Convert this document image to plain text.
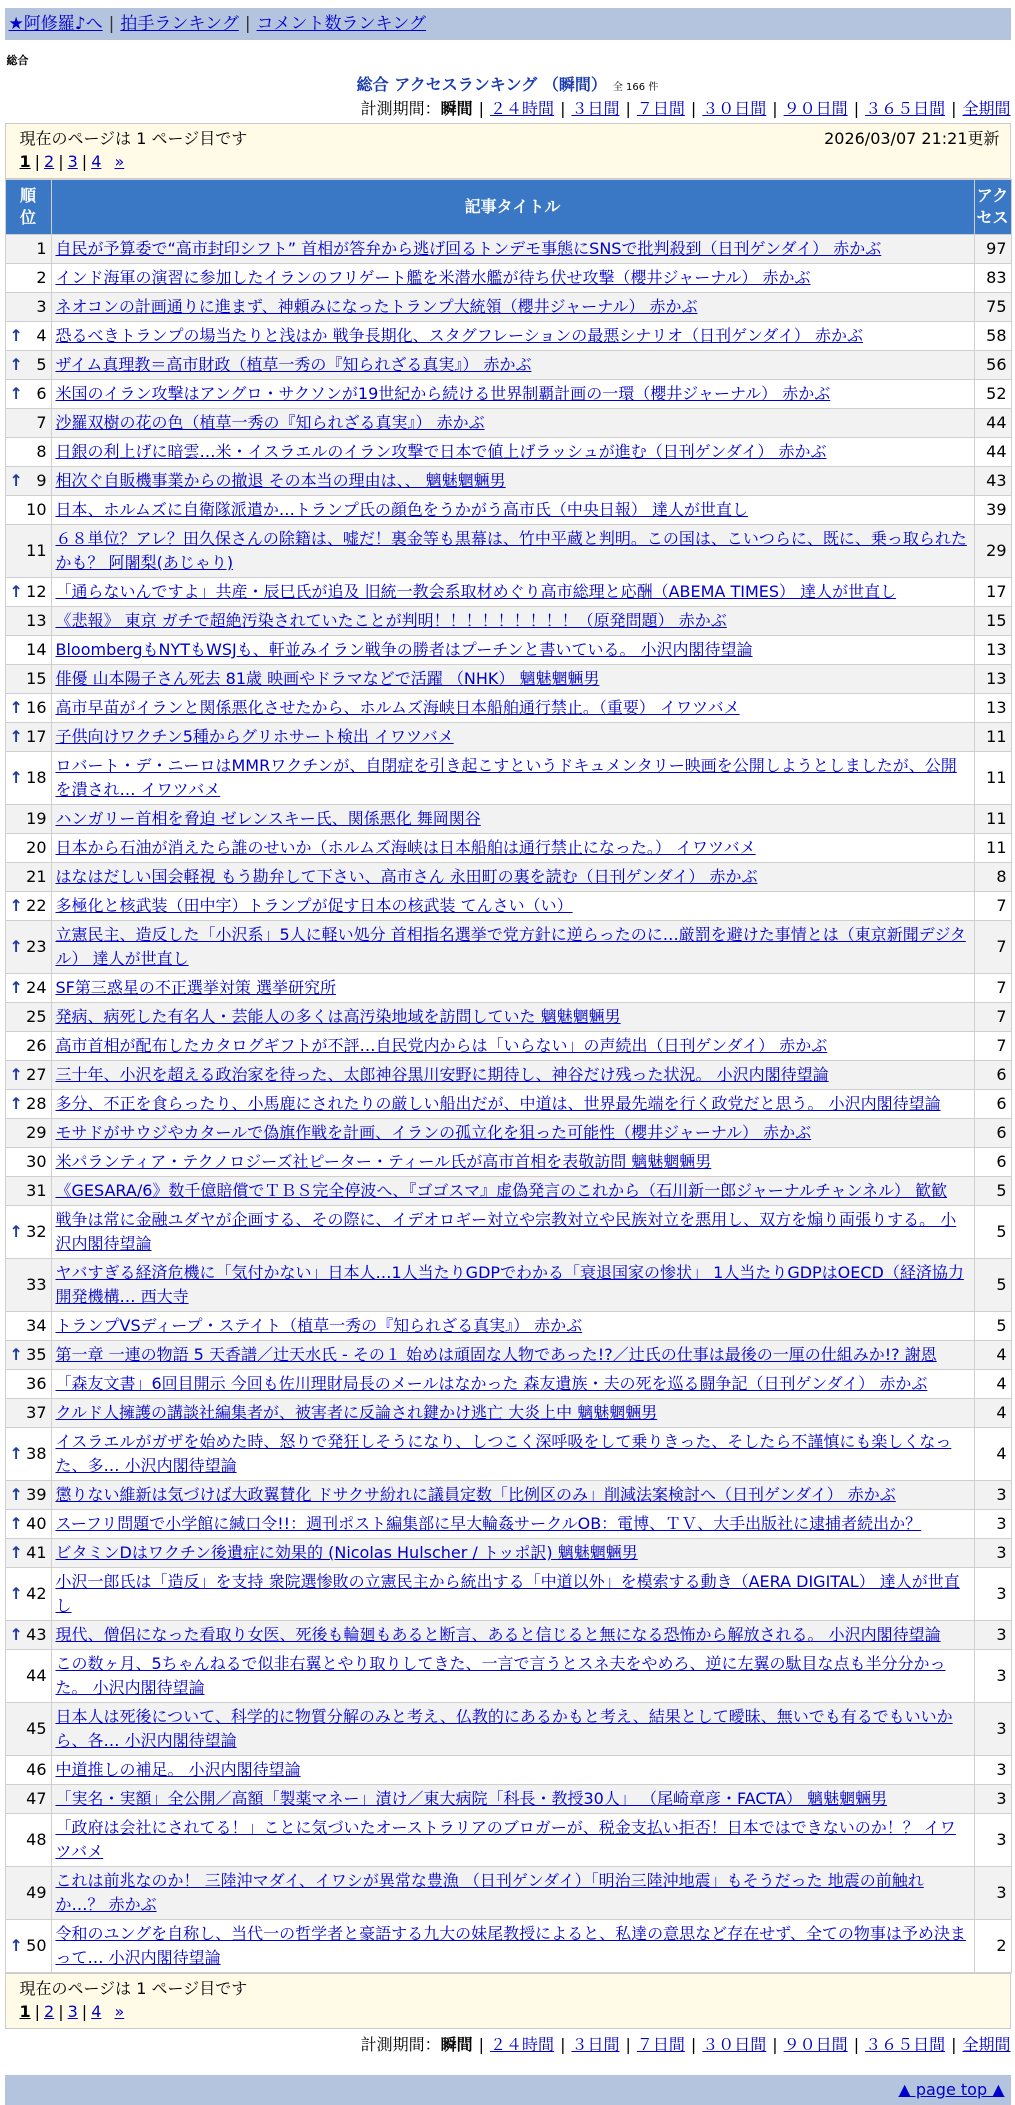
★阿修羅♪へ | 拍手ランキング | コメント数ランキング
総合
総合 アクセスランキング （瞬間） 全 166 件
計測期間：瞬間 | ２４時間 | ３日間 | ７日間 | ３０日間 | ９０日間 | ３６５日間 | 全期間
現在のページは 1 ページ目です	2026/03/07 21:21更新
1 | 2 | 3 | 4 »
順位	記事タイトル	アクセス
1	自民が予算委で“高市封印シフト” 首相が答弁から逃げ回るトンデモ事態にSNSで批判殺到（日刊ゲンダイ） 赤かぶ	97
2	インド海軍の演習に参加したイランのフリゲート艦を米潜水艦が待ち伏せ攻撃（櫻井ジャーナル） 赤かぶ	83
3	ネオコンの計画通りに進まず、神頼みになったトランプ大統領（櫻井ジャーナル） 赤かぶ	75

↑ 4	恐るべきトランプの場当たりと浅はか 戦争長期化、スタグフレーションの最悪シナリオ（日刊ゲンダイ） 赤かぶ	58

↑ 5	ザイム真理教＝高市財政（植草一秀の『知られざる真実』） 赤かぶ	56

↑ 6	米国のイラン攻撃はアングロ・サクソンが19世紀から続ける世界制覇計画の一環（櫻井ジャーナル） 赤かぶ	52
7	沙羅双樹の花の色（植草一秀の『知られざる真実』） 赤かぶ	44
8	日銀の利上げに暗雲…米・イスラエルのイラン攻撃で日本で値上げラッシュが進む（日刊ゲンダイ） 赤かぶ	44

↑ 9	相次ぐ自販機事業からの撤退 その本当の理由は、、 魑魅魍魎男	43
10	日本、ホルムズに自衛隊派遣か…トランプ氏の顔色をうかがう高市氏（中央日報） 達人が世直し	39
11	６８単位？アレ？田久保さんの除籍は、嘘だ！裏金等も黒幕は、竹中平蔵と判明。この国は、こいつらに、既に、乗っ取られたかも？ 阿闍梨(あじゃり)	29

↑ 12	「通らないんですよ」共産・辰巳氏が追及 旧統一教会系取材めぐり高市総理と応酬（ABEMA TIMES） 達人が世直し	17
13	《悲報》 東京 ガチで超絶汚染されていたことが判明！！！！！！！！！（原発問題） 赤かぶ	15
14	BloombergもNYTもWSJも、軒並みイラン戦争の勝者はプーチンと書いている。 小沢内閣待望論	13
15	俳優 山本陽子さん死去 81歳 映画やドラマなどで活躍 （NHK） 魑魅魍魎男	13

↑ 16	高市早苗がイランと関係悪化させたから、ホルムズ海峡日本船舶通行禁止。（重要） イワツバメ	13

↑ 17	子供向けワクチン5種からグリホサート検出 イワツバメ	11

↑ 18	ロバート・デ・ニーロはMMRワクチンが、自閉症を引き起こすというドキュメンタリー映画を公開しようとしましたが、公開を潰され… イワツバメ	11
19	ハンガリー首相を脅迫 ゼレンスキー氏、関係悪化 舞岡関谷	11
20	日本から石油が消えたら誰のせいか（ホルムズ海峡は日本船舶は通行禁止になった。） イワツバメ	11
21	はなはだしい国会軽視 もう勘弁して下さい、高市さん 永田町の裏を読む（日刊ゲンダイ） 赤かぶ	8

↑ 22	多極化と核武装（田中宇）トランプが促す日本の核武装 てんさい（い）	7

↑ 23	立憲民主、造反した「小沢系」5人に軽い処分 首相指名選挙で党方針に逆らったのに…厳罰を避けた事情とは（東京新聞デジタル） 達人が世直し	7

↑ 24	SF第三惑星の不正選挙対策 選挙研究所	7
25	発病、病死した有名人・芸能人の多くは高汚染地域を訪問していた 魑魅魍魎男	7
26	高市首相が配布したカタログギフトが不評…自民党内からは「いらない」の声続出（日刊ゲンダイ） 赤かぶ	7

↑ 27	三十年、小沢を超える政治家を待った、太郎神谷黒川安野に期待し、神谷だけ残った状況。 小沢内閣待望論	6

↑ 28	多分、不正を食らったり、小馬鹿にされたりの厳しい船出だが、中道は、世界最先端を行く政党だと思う。 小沢内閣待望論	6
29	モサドがサウジやカタールで偽旗作戦を計画、イランの孤立化を狙った可能性（櫻井ジャーナル） 赤かぶ	6
30	米パランティア・テクノロジーズ社ピーター・ティール氏が高市首相を表敬訪問 魑魅魍魎男	6
31	《GESARA/6》数千億賠償でＴＢＳ完全停波へ、『ゴゴスマ』虚偽発言のこれから（石川新一郎ジャーナルチャンネル） 歓歓	5

↑ 32	戦争は常に金融ユダヤが企画する、その際に、イデオロギー対立や宗教対立や民族対立を悪用し、双方を煽り両張りする。 小沢内閣待望論	5
33	ヤバすぎる経済危機に「気付かない」日本人…1人当たりGDPでわかる「衰退国家の惨状」 1人当たりGDPはOECD（経済協力開発機構… 西大寺	5
34	トランプVSディープ・ステイト（植草一秀の『知られざる真実』） 赤かぶ	5

↑ 35	第一章 一連の物語 5 天香譜／辻天水氏 - その１ 始めは頑固な人物であった!?／辻氏の仕事は最後の一厘の仕組みか!? 謝恩	4
36	「森友文書」6回目開示 今回も佐川理財局長のメールはなかった 森友遺族・夫の死を巡る闘争記（日刊ゲンダイ） 赤かぶ	4
37	クルド人擁護の講談社編集者が、被害者に反論され鍵かけ逃亡 大炎上中 魑魅魍魎男	4

↑ 38	イスラエルがガザを始めた時、怒りで発狂しそうになり、しつこく深呼吸をして乗りきった、そしたら不謹慎にも楽しくなった、多… 小沢内閣待望論	4

↑ 39	懲りない維新は気づけば大政翼賛化 ドサクサ紛れに議員定数「比例区のみ」削減法案検討へ（日刊ゲンダイ） 赤かぶ	3

↑ 40	スーフリ問題で小学館に緘口令!!：週刊ポスト編集部に早大輪姦サークルOB：電博、ＴＶ、大手出版社に逮捕者続出か？	3

↑ 41	ビタミンDはワクチン後遺症に効果的 (Nicolas Hulscher / トッポ訳) 魑魅魍魎男	3

↑ 42	小沢一郎氏は「造反」を支持 衆院選惨敗の立憲民主から統出する「中道以外」を模索する動き（AERA DIGITAL） 達人が世直し	3

↑ 43	現代、僧侶になった看取り女医、死後も輪廻もあると断言、あると信じると無になる恐怖から解放される。 小沢内閣待望論	3
44	この数ヶ月、5ちゃんねるで似非右翼とやり取りしてきた、一言で言うとスネ夫をやめろ、逆に左翼の駄目な点も半分分かった。 小沢内閣待望論	3
45	日本人は死後について、科学的に物質分解のみと考え、仏教的にあるかもと考え、結果として曖昧、無いでも有るでもいいから、各… 小沢内閣待望論	3
46	中道推しの補足。 小沢内閣待望論	3
47	「実名・実額」全公開／高額「製薬マネー」漬け／東大病院「科長・教授30人」 （尾崎章彦・FACTA） 魑魅魍魎男	3
48	「政府は会社にされてる！」ことに気づいたオーストラリアのブロガーが、税金支払い拒否！日本ではできないのか！？ イワツバメ	3
49	これは前兆なのか！ 三陸沖マダイ、イワシが異常な豊漁 （日刊ゲンダイ）「明治三陸沖地震」もそうだった 地震の前触れか…？ 赤かぶ	3

↑ 50	令和のユングを自称し、当代一の哲学者と豪語する九大の妹尾教授によると、私達の意思など存在せず、全ての物事は予め決まって… 小沢内閣待望論	2
現在のページは 1 ページ目です
1 | 2 | 3 | 4 »
計測期間：瞬間 | ２４時間 | ３日間 | ７日間 | ３０日間 | ９０日間 | ３６５日間 | 全期間
▲ page top ▲
